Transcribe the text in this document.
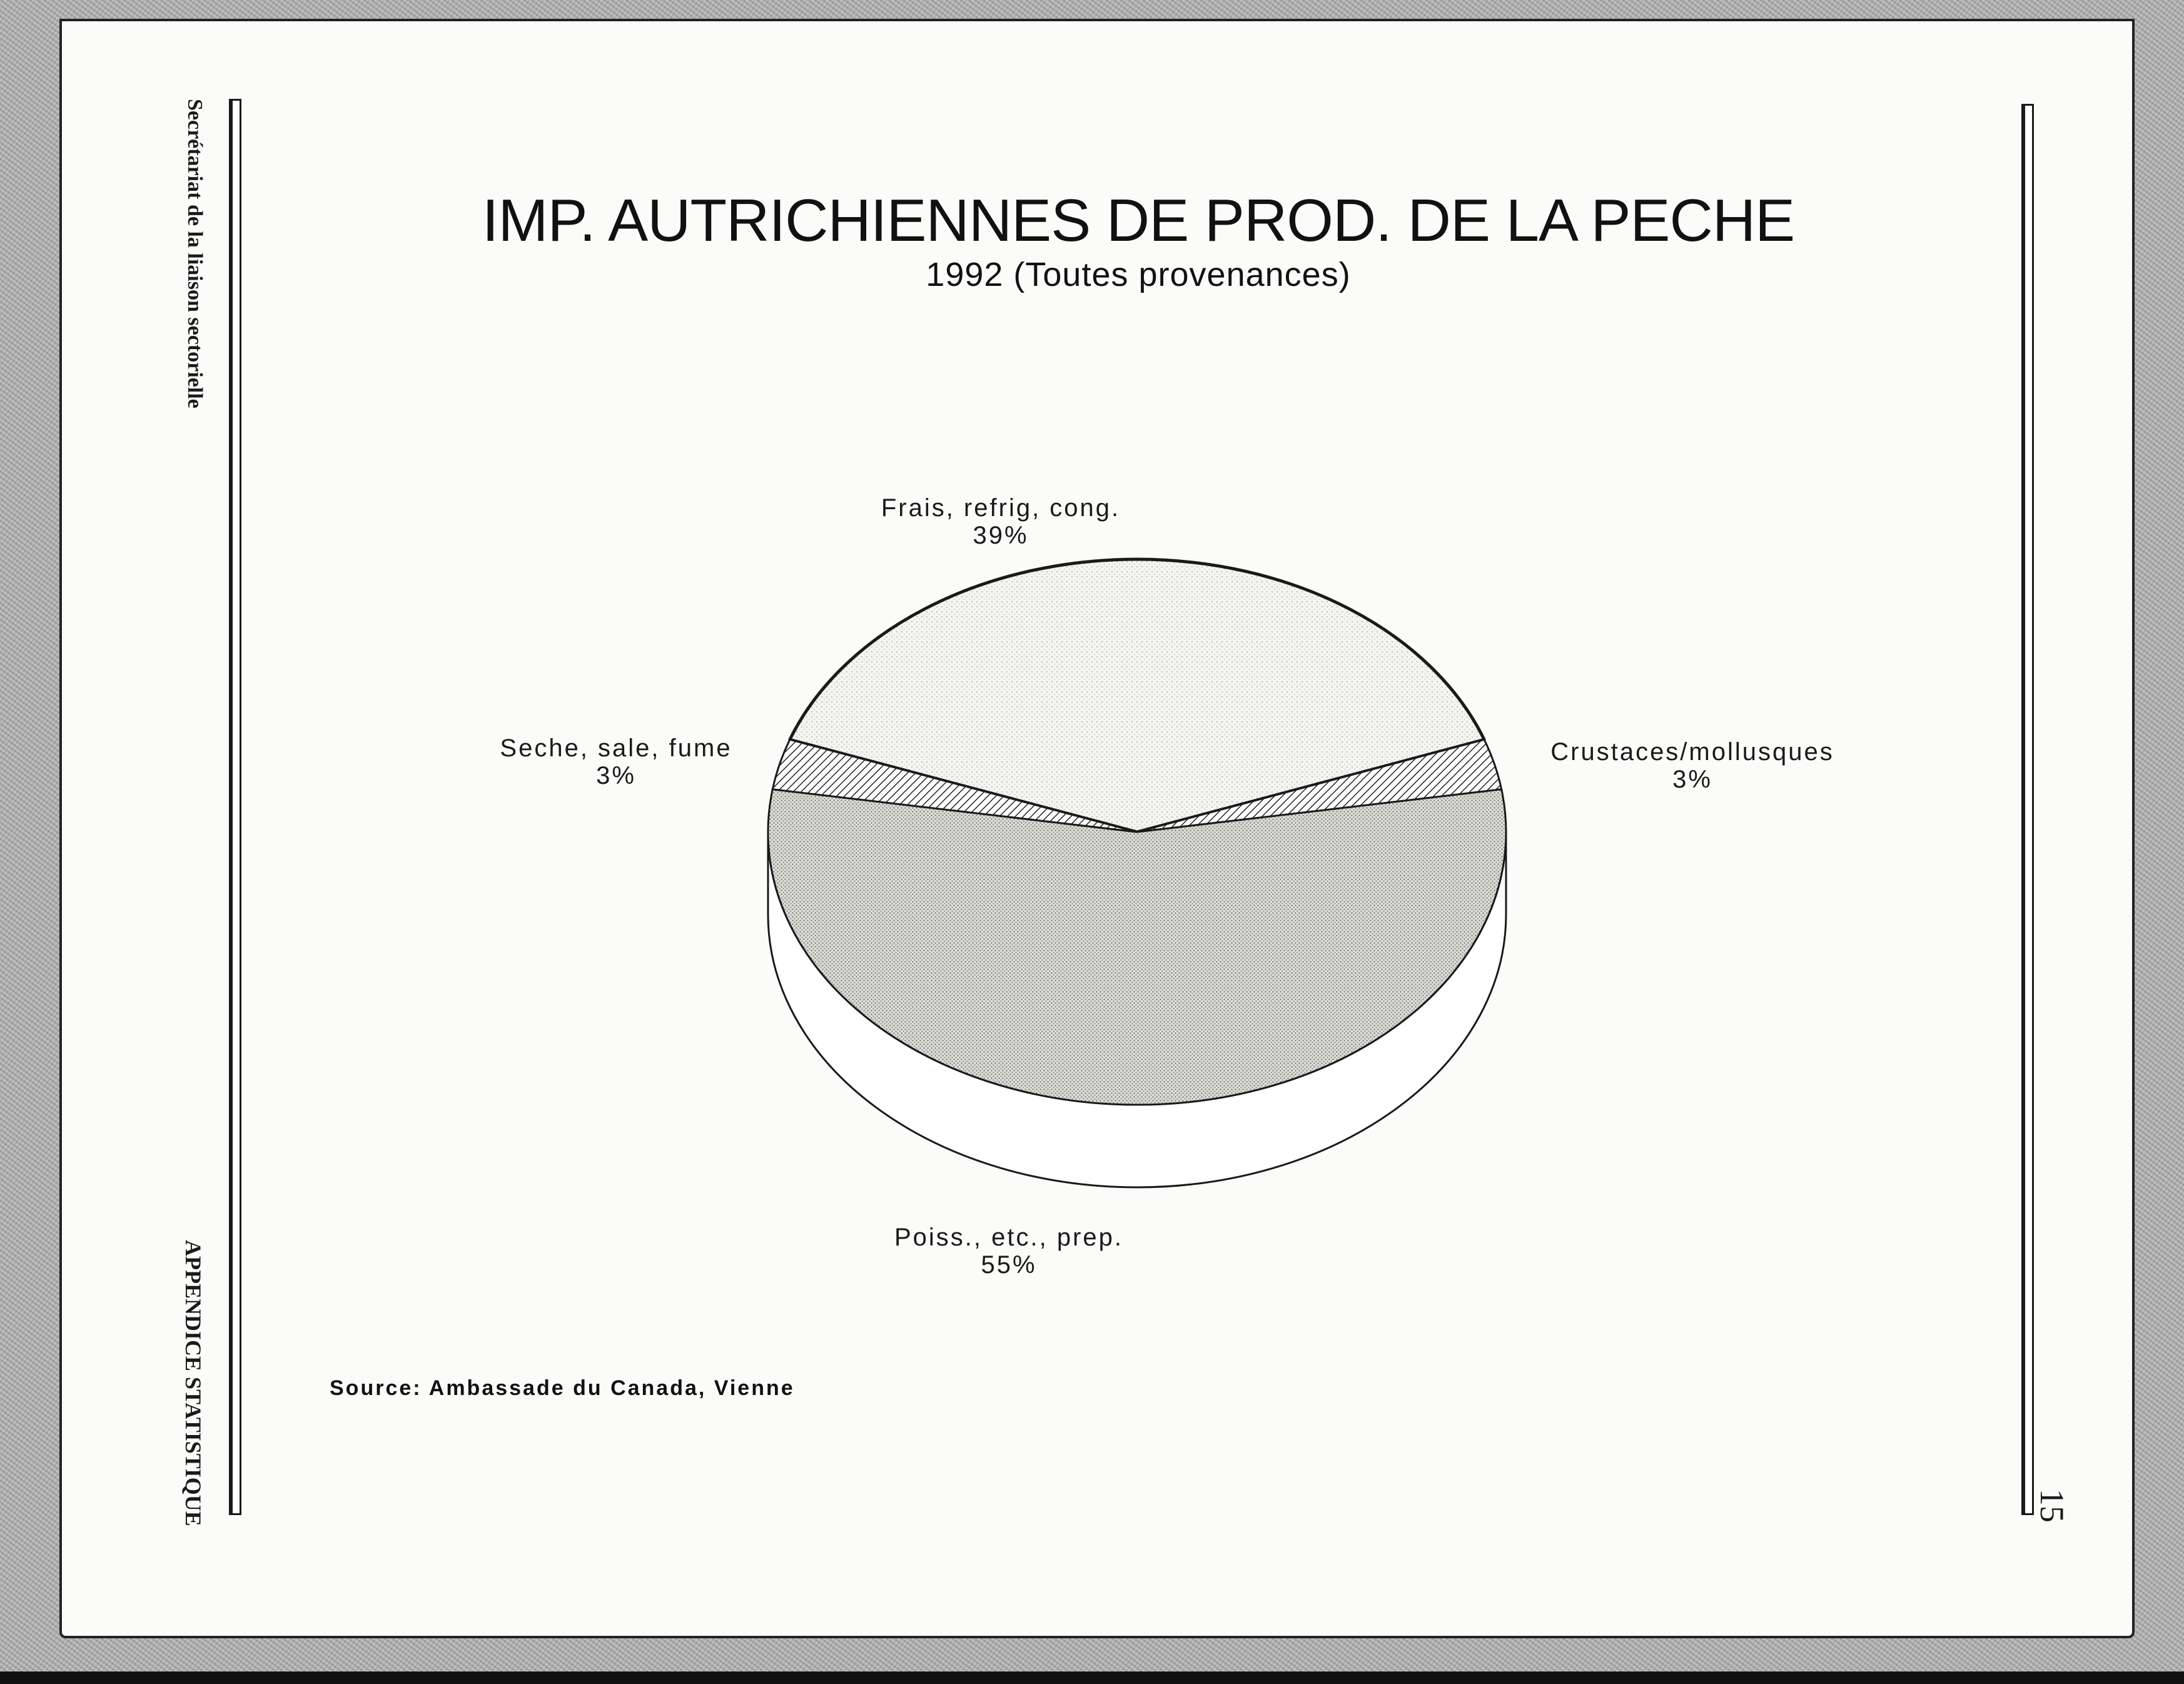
Secrétariat de la liaison sectorielle
APPENDICE STATISTIQUE	15
IMP. AUTRICHIENNES DE PROD. DE LA PECHE
1992 (Toutes provenances)
Frais, refrig, cong.
39%
Crustaces/mollusques
3%
Poiss., etc., prep.
55%
Seche, sale, fume
3%
Source: Ambassade du Canada, Vienne
